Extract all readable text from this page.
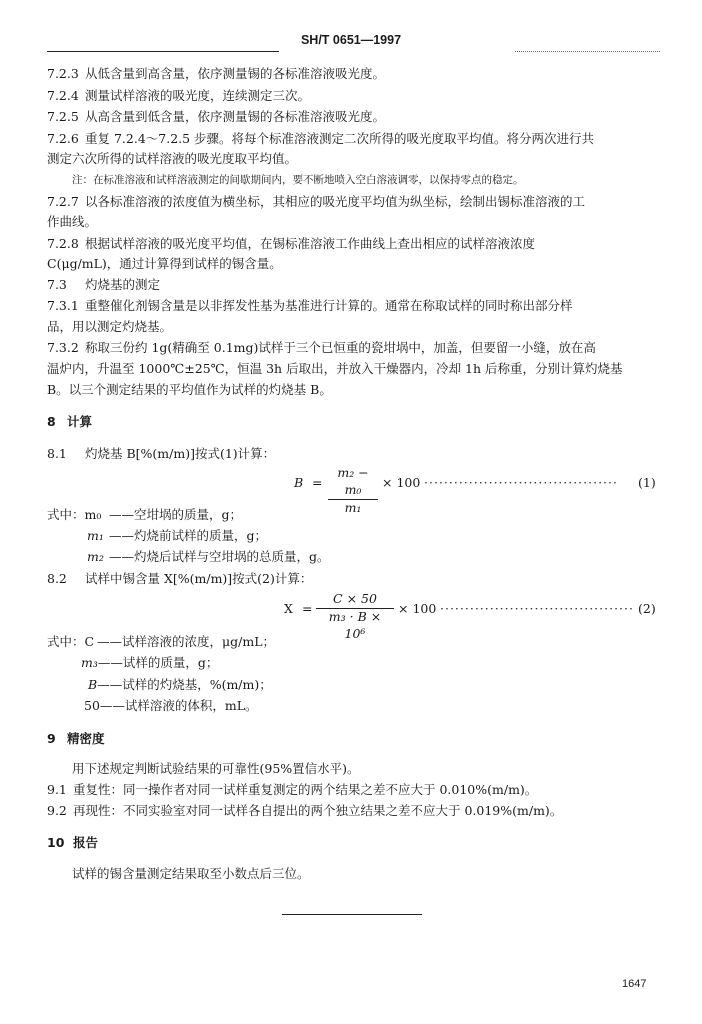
SH/T 0651—1997
7.2.3 从低含量到高含量，依序测量锡的各标准溶液吸光度。
7.2.4 测量试样溶液的吸光度，连续测定三次。
7.2.5 从高含量到低含量，依序测量锡的各标准溶液吸光度。
7.2.6 重复 7.2.4～7.2.5 步骤。将每个标准溶液测定二次所得的吸光度取平均值。将分两次进行共
测定六次所得的试样溶液的吸光度取平均值。
注：在标准溶液和试样溶液测定的间歇期间内，要不断地喷入空白溶液调零，以保持零点的稳定。
7.2.7 以各标准溶液的浓度值为横坐标，其相应的吸光度平均值为纵坐标，绘制出锡标准溶液的工
作曲线。
7.2.8 根据试样溶液的吸光度平均值，在锡标准溶液工作曲线上查出相应的试样溶液浓度
C(μg/mL)，通过计算得到试样的锡含量。
7.3 灼烧基的测定
7.3.1 重整催化剂锡含量是以非挥发性基为基准进行计算的。通常在称取试样的同时称出部分样
品，用以测定灼烧基。
7.3.2 称取三份约 1g(精确至 0.1mg)试样于三个已恒重的瓷坩埚中，加盖，但要留一小缝，放在高
温炉内，升温至 1000℃±25℃，恒温 3h 后取出，并放入干燥器内，冷却 1h 后称重，分别计算灼烧基
B。以三个测定结果的平均值作为试样的灼烧基 B。
8 计算
8.1 灼烧基 B[%(m/m)]按式(1)计算：
$B = \frac{\text{m₂ − m₀}}{\text{m₁}} \times 100$ ······································· (1)
式中：m₀ ——空坩埚的质量，g；
m₁ ——灼烧前试样的质量，g；
m₂ ——灼烧后试样与空坩埚的总质量，g。
8.2 试样中锡含量 X[%(m/m)]按式(2)计算：
$X = \frac{C \times 50}{\text{m₃ · B × 10⁶}} \times 100$ ······································· (2)
式中：C ——试样溶液的浓度，μg/mL；
m₃——试样的质量，g；
B——试样的灼烧基，%(m/m)；
50——试样溶液的体积，mL。
9 精密度
用下述规定判断试验结果的可靠性(95%置信水平)。
9.1 重复性：同一操作者对同一试样重复测定的两个结果之差不应大于 0.010%(m/m)。
9.2 再现性：不同实验室对同一试样各自提出的两个独立结果之差不应大于 0.019%(m/m)。
10 报告
试样的锡含量测定结果取至小数点后三位。
1647
